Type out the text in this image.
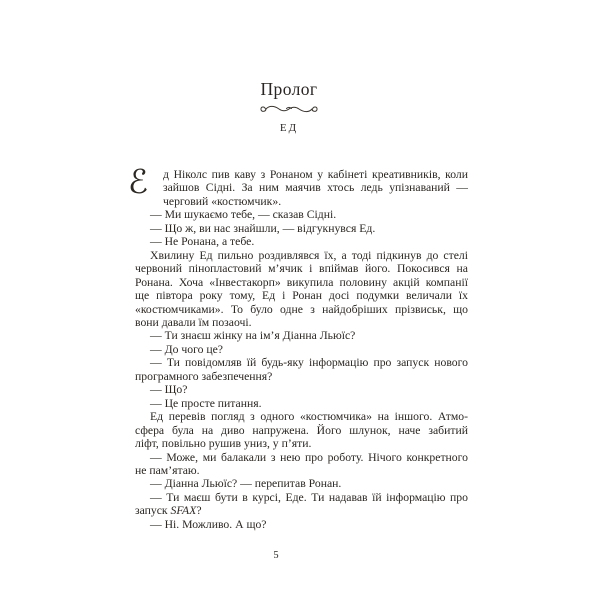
Пролог
ЕД
ℰ	д Ніколс пив каву з Ронаном у кабінеті креативників, коли
зайшов Сідні. За ним маячив хтось ледь упізнаваний —
черговий «костюмчик».
— Ми шукаємо тебе, — сказав Сідні.
— Що ж, ви нас знайшли, — відгукнувся Ед.
— Не Ронана, а тебе.
Хвилину Ед пильно роздивлявся їх, а тоді підкинув до стелі
червоний пінопластовий м’ячик і впіймав його. Покосився на
Ронана. Хоча «Інвестакорп» викупила половину акцій компанії
ще півтора року тому, Ед і Ронан досі подумки величали їх
«костюмчиками». То було одне з найдобріших прізвиськ, що
вони давали їм позаочі.
— Ти знаєш жінку на ім’я Діанна Льюїс?
— До чого це?
— Ти повідомляв їй будь-яку інформацію про запуск нового
програмного забезпечення?
— Що?
— Це просте питання.
Ед перевів погляд з одного «костюмчика» на іншого. Атмо-
сфера була на диво напружена. Його шлунок, наче забитий
ліфт, повільно рушив униз, у п’яти.
— Може, ми балакали з нею про роботу. Нічого конкретного
не пам’ятаю.
— Діанна Льюїс? — перепитав Ронан.
— Ти маєш бути в курсі, Еде. Ти надавав їй інформацію про
запуск SFAX?
— Ні. Можливо. А що?
5
